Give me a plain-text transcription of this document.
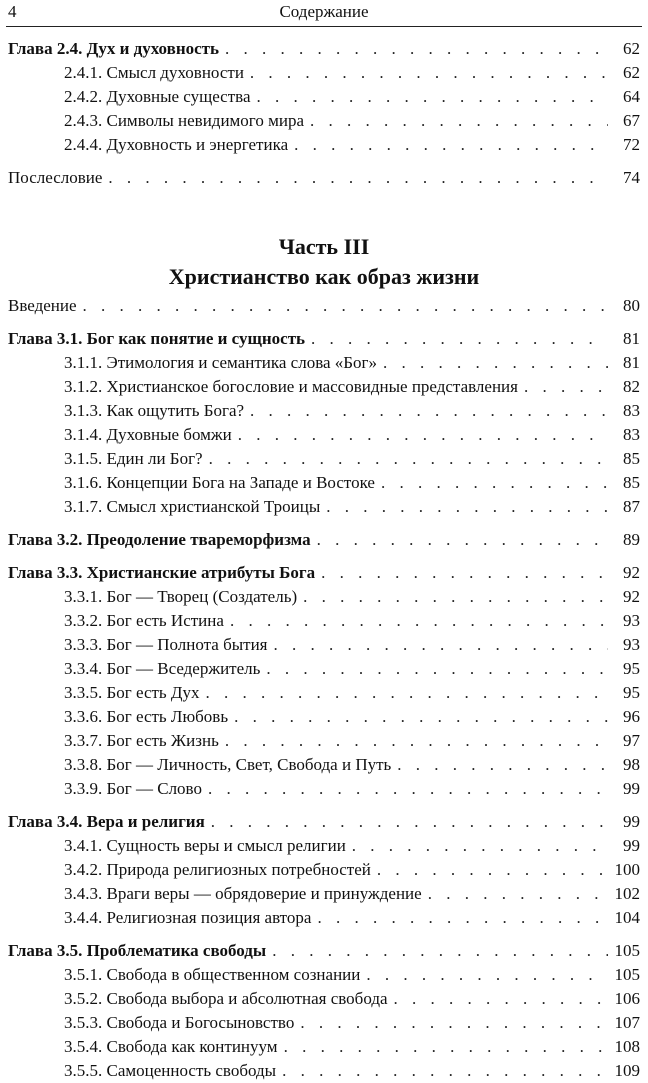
4	Содержание
Глава 2.4. Дух и духовность . . .	62
2.4.1. Смысл духовности . . .	62
2.4.2. Духовные существа . . .	64
2.4.3. Символы невидимого мира . . .	67
2.4.4. Духовность и энергетика . . .	72
Послесловие . . .	74
Часть III
Христианство как образ жизни
Введение . . .	80
Глава 3.1. Бог как понятие и сущность . . .	81
3.1.1. Этимология и семантика слова «Бог» . . .	81
3.1.2. Христианское богословие и массовидные представления . . .	82
3.1.3. Как ощутить Бога? . . .	83
3.1.4. Духовные бомжи . . .	83
3.1.5. Един ли Бог? . . .	85
3.1.6. Концепции Бога на Западе и Востоке . . .	85
3.1.7. Смысл христианской Троицы . . .	87
Глава 3.2. Преодоление твареморфизма . . .	89
Глава 3.3. Христианские атрибуты Бога . . .	92
3.3.1. Бог — Творец (Создатель) . . .	92
3.3.2. Бог есть Истина . . .	93
3.3.3. Бог — Полнота бытия . . .	93
3.3.4. Бог — Вседержитель . . .	95
3.3.5. Бог есть Дух . . .	95
3.3.6. Бог есть Любовь . . .	96
3.3.7. Бог есть Жизнь . . .	97
3.3.8. Бог — Личность, Свет, Свобода и Путь . . .	98
3.3.9. Бог — Слово . . .	99
Глава 3.4. Вера и религия . . .	99
3.4.1. Сущность веры и смысл религии . . .	99
3.4.2. Природа религиозных потребностей . . .	100
3.4.3. Враги веры — обрядоверие и принуждение . . .	102
3.4.4. Религиозная позиция автора . . .	104
Глава 3.5. Проблематика свободы . . .	105
3.5.1. Свобода в общественном сознании . . .	105
3.5.2. Свобода выбора и абсолютная свобода . . .	106
3.5.3. Свобода и Богосыновство . . .	107
3.5.4. Свобода как континуум . . .	108
3.5.5. Самоценность свободы . . .	109
